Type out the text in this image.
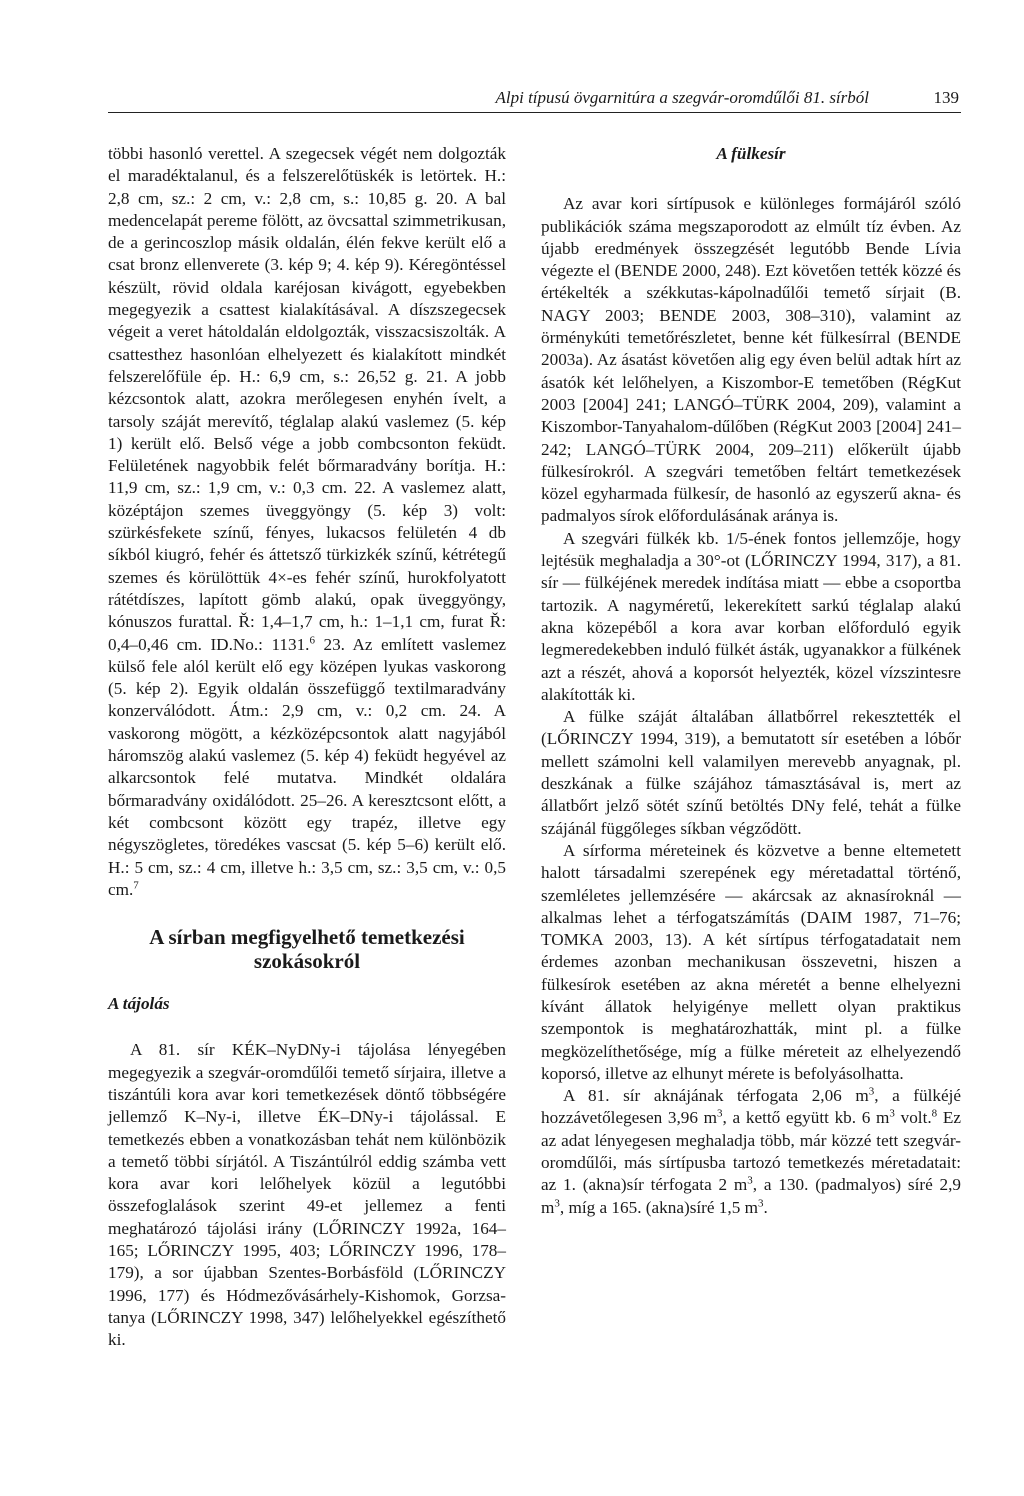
Alpi típusú övgarnitúra a szegvár-oromdűlői 81. sírból	139

többi hasonló verettel. A szegecsek végét nem dolgozták el maradéktalanul, és a felszerelőtüskék is letörtek. H.: 2,8 cm, sz.: 2 cm, v.: 2,8 cm, s.: 10,85 g. 20. A bal medencelapát pereme fölött, az övcsattal szimmetrikusan, de a gerincoszlop másik oldalán, élén fekve került elő a csat bronz ellenverete (3. kép 9; 4. kép 9). Kéregöntéssel készült, rövid oldala karéjosan kivágott, egyebekben megegyezik a csattest kialakításával. A díszszegecsek végeit a veret hátoldalán eldolgozták, visszacsiszolták. A csattesthez hasonlóan elhelyezett és kialakított mindkét felszerelőfüle ép. H.: 6,9 cm, s.: 26,52 g. 21. A jobb kézcsontok alatt, azokra merőlegesen enyhén ívelt, a tarsoly száját merevítő, téglalap alakú vaslemez (5. kép 1) került elő. Belső vége a jobb combcsonton feküdt. Felületének nagyobbik felét bőrmaradvány borítja. H.: 11,9 cm, sz.: 1,9 cm, v.: 0,3 cm. 22. A vaslemez alatt, középtájon szemes üveggyöngy (5. kép 3) volt: szürkésfekete színű, fényes, lukacsos felületén 4 db síkból kiugró, fehér és áttetsző türkizkék színű, kétrétegű szemes és körülöttük 4×-es fehér színű, hurokfolyatott rátétdíszes, lapított gömb alakú, opak üveggyöngy, kónuszos furattal. Ř: 1,4–1,7 cm, h.: 1–1,1 cm, furat Ř: 0,4–0,46 cm. ID.No.: 1131.$^6$ 23. Az említett vaslemez külső fele alól került elő egy középen lyukas vaskorong (5. kép 2). Egyik oldalán összefüggő textilmaradvány konzerválódott. Átm.: 2,9 cm, v.: 0,2 cm. 24. A vaskorong mögött, a kézközépcsontok alatt nagyjából háromszög alakú vaslemez (5. kép 4) feküdt hegyével az alkarcsontok felé mutatva. Mindkét oldalára bőrmaradvány oxidálódott. 25–26. A keresztcsont előtt, a két combcsont között egy trapéz, illetve egy négyszögletes, töredékes vascsat (5. kép 5–6) került elő. H.: 5 cm, sz.: 4 cm, illetve h.: 3,5 cm, sz.: 3,5 cm, v.: 0,5 cm.$^7$

A sírban megfigyelhető temetkezési szokásokról
A tájolás

A 81. sír KÉK–NyDNy-i tájolása lényegében megegyezik a szegvár-oromdűlői temető sírjaira, illetve a tiszántúli kora avar kori temetkezések döntő többségére jellemző K–Ny-i, illetve ÉK–DNy-i tájolással. E temetkezés ebben a vonatkozásban tehát nem különbözik a temető többi sírjától. A Tiszántúlról eddig számba vett kora avar kori lelőhelyek közül a legutóbbi összefoglalások szerint 49-et jellemez a fenti meghatározó tájolási irány (LŐRINCZY 1992a, 164–165; LŐRINCZY 1995, 403; LŐRINCZY 1996, 178–179), a sor újabban Szentes-Borbásföld (LŐRINCZY 1996, 177) és Hódmezővásárhely-Kishomok, Gorzsa-tanya (LŐRINCZY 1998, 347) lelőhelyekkel egészíthető ki.

A fülkesír

Az avar kori sírtípusok e különleges formájáról szóló publikációk száma megszaporodott az elmúlt tíz évben. Az újabb eredmények összegzését legutóbb Bende Lívia végezte el (BENDE 2000, 248). Ezt követően tették közzé és értékelték a székkutas-kápolnadűlői temető sírjait (B. NAGY 2003; BENDE 2003, 308–310), valamint az örménykúti temetőrészletet, benne két fülkesírral (BENDE 2003a). Az ásatást követően alig egy éven belül adtak hírt az ásatók két lelőhelyen, a Kiszombor-E temetőben (RégKut 2003 [2004] 241; LANGÓ–TÜRK 2004, 209), valamint a Kiszombor-Tanyahalom-dűlőben (RégKut 2003 [2004] 241–242; LANGÓ–TÜRK 2004, 209–211) előkerült újabb fülkesírokról. A szegvári temetőben feltárt temetkezések közel egyharmada fülkesír, de hasonló az egyszerű akna- és padmalyos sírok előfordulásának aránya is.

A szegvári fülkék kb. 1/5-ének fontos jellemzője, hogy lejtésük meghaladja a 30°-ot (LŐRINCZY 1994, 317), a 81. sír — fülkéjének meredek indítása miatt — ebbe a csoportba tartozik. A nagyméretű, lekerekített sarkú téglalap alakú akna közepéből a kora avar korban előforduló egyik legmeredekebben induló fülkét ásták, ugyanakkor a fülkének azt a részét, ahová a koporsót helyezték, közel vízszintesre alakították ki.

A fülke száját általában állatbőrrel rekesztették el (LŐRINCZY 1994, 319), a bemutatott sír esetében a lóbőr mellett számolni kell valamilyen merevebb anyagnak, pl. deszkának a fülke szájához támasztásával is, mert az állatbőrt jelző sötét színű betöltés DNy felé, tehát a fülke szájánál függőleges síkban végződött.

A sírforma méreteinek és közvetve a benne eltemetett halott társadalmi szerepének egy méretadattal történő, szemléletes jellemzésére — akárcsak az aknasíroknál — alkalmas lehet a térfogatszámítás (DAIM 1987, 71–76; TOMKA 2003, 13). A két sírtípus térfogatadatait nem érdemes azonban mechanikusan összevetni, hiszen a fülkesírok esetében az akna méretét a benne elhelyezni kívánt állatok helyigénye mellett olyan praktikus szempontok is meghatározhatták, mint pl. a fülke megközelíthetősége, míg a fülke méreteit az elhelyezendő koporsó, illetve az elhunyt mérete is befolyásolhatta.

A 81. sír aknájának térfogata 2,06 $m^3$, a fülkéjé hozzávetőlegesen 3,96 $m^3$, a kettő együtt kb. 6 $m^3$ volt.$^8$ Ez az adat lényegesen meghaladja több, már közzé tett szegvár-oromdűlői, más sírtípusba tartozó temetkezés méretadatait: az 1. (akna)sír térfogata 2 $m^3$, a 130. (padmalyos) síré 2,9 $m^3$, míg a 165. (akna)síré 1,5 $m^3$.
